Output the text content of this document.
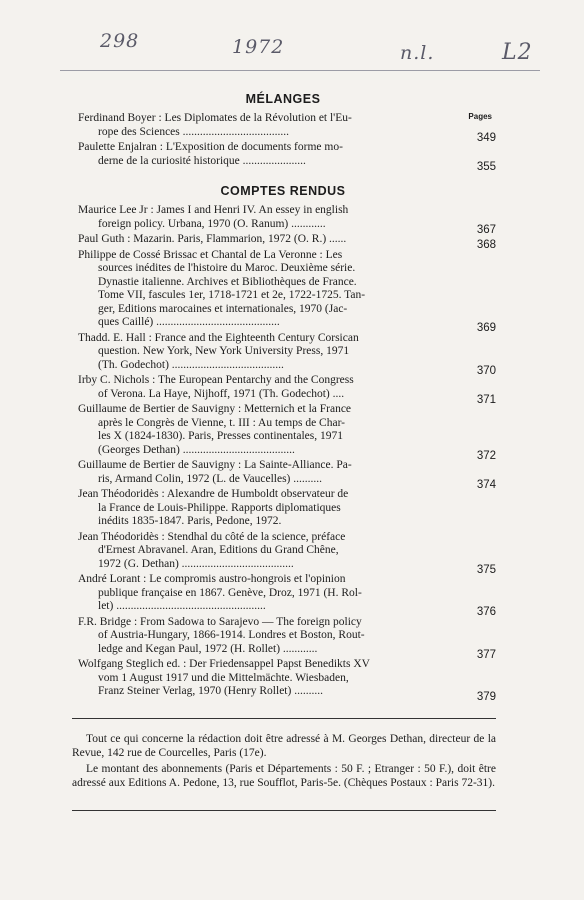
298	1972	n.l.	L2
Pages
MÉLANGES
Ferdinand Boyer : Les Diplomates de la Révolution et l'Eu-
rope des Sciences .....................................	349
Paulette Enjalran : L'Exposition de documents forme mo-
derne de la curiosité historique ......................	355
COMPTES RENDUS
Maurice Lee Jr : James I and Henri IV. An essey in english
foreign policy. Urbana, 1970 (O. Ranum) ............	367
Paul Guth : Mazarin. Paris, Flammarion, 1972 (O. R.) ......	368
Philippe de Cossé Brissac et Chantal de La Veronne : Les
sources inédites de l'histoire du Maroc. Deuxième série.
Dynastie italienne. Archives et Bibliothèques de France.
Tome VII, fascules 1er, 1718-1721 et 2e, 1722-1725. Tan-
ger, Editions marocaines et internationales, 1970 (Jac-
ques Caillé) ...........................................	369
Thadd. E. Hall : France and the Eighteenth Century Corsican
question. New York, New York University Press, 1971
(Th. Godechot) .......................................	370
Irby C. Nichols : The European Pentarchy and the Congress
of Verona. La Haye, Nijhoff, 1971 (Th. Godechot) ....	371
Guillaume de Bertier de Sauvigny : Metternich et la France
après le Congrès de Vienne, t. III : Au temps de Char-
les X (1824-1830). Paris, Presses continentales, 1971
(Georges Dethan) .......................................	372
Guillaume de Bertier de Sauvigny : La Sainte-Alliance. Pa-
ris, Armand Colin, 1972 (L. de Vaucelles) ..........	374
Jean Théodoridès : Alexandre de Humboldt observateur de
la France de Louis-Philippe. Rapports diplomatiques
inédits 1835-1847. Paris, Pedone, 1972.
Jean Théodoridès : Stendhal du côté de la science, préface
d'Ernest Abravanel. Aran, Editions du Grand Chêne,
1972 (G. Dethan) .......................................	375
André Lorant : Le compromis austro-hongrois et l'opinion
publique française en 1867. Genève, Droz, 1971 (H. Rol-
let) ....................................................	376
F.R. Bridge : From Sadowa to Sarajevo — The foreign policy
of Austria-Hungary, 1866-1914. Londres et Boston, Rout-
ledge and Kegan Paul, 1972 (H. Rollet) ............	377
Wolfgang Steglich ed. : Der Friedensappel Papst Benedikts XV
vom 1 August 1917 und die Mittelmächte. Wiesbaden,
Franz Steiner Verlag, 1970 (Henry Rollet) ..........	379

Tout ce qui concerne la rédaction doit être adressé à M. Georges Dethan, directeur de la Revue, 142 rue de Courcelles, Paris (17e).

Le montant des abonnements (Paris et Départements : 50 F. ; Etranger : 50 F.), doit être adressé aux Editions A. Pedone, 13, rue Soufflot, Paris-5e. (Chèques Postaux : Paris 72-31).
